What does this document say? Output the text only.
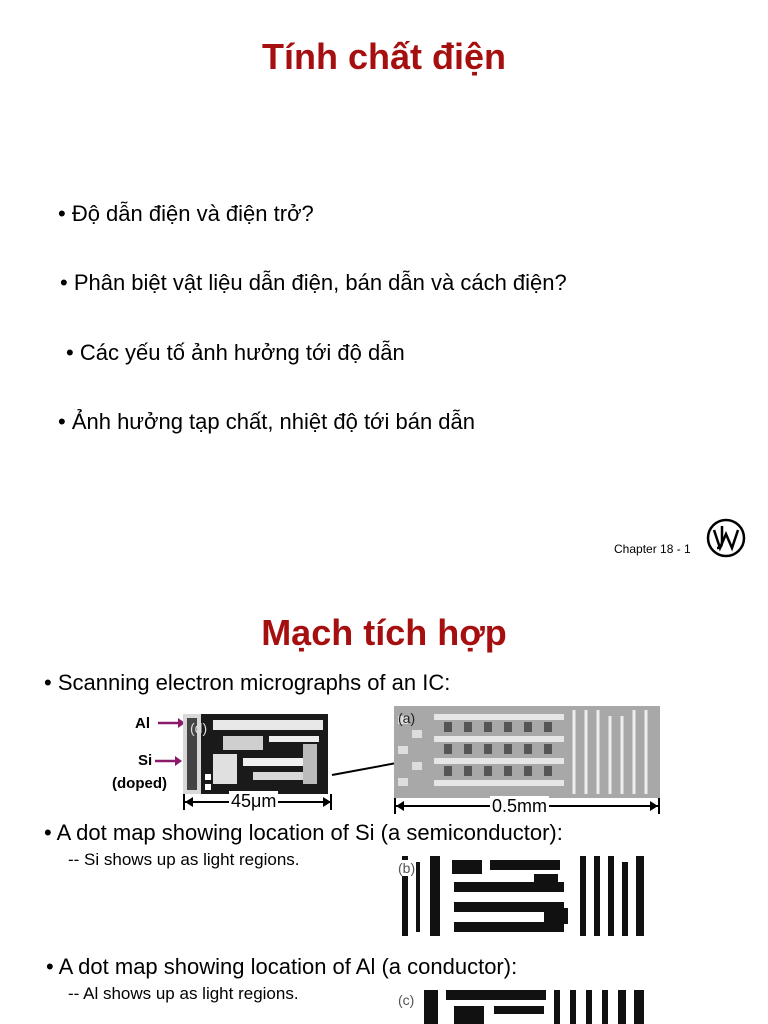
Tính chất điện
• Độ dẫn điện và điện trở?
• Phân biệt vật liệu dẫn điện, bán dẫn và cách điện?
• Các yếu tố ảnh hưởng tới độ dẫn
• Ảnh hưởng tạp chất, nhiệt độ tới bán dẫn
Chapter 18 - 1
Mạch tích hợp
• Scanning electron micrographs of an IC:
Al
Si
(doped)
(d)
45μm
(a)
0.5mm
• A dot map showing location of Si (a semiconductor):
-- Si shows up as light regions.	(b)
• A dot map showing location of Al (a conductor):
-- Al shows up as light regions.	(c)
